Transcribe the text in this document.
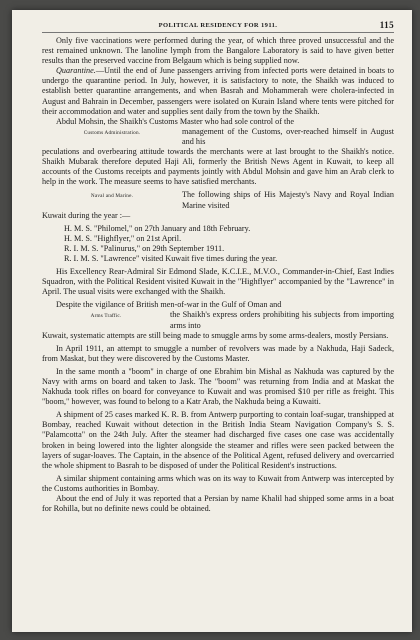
POLITICAL RESIDENCY FOR 1911.	115

Only five vaccinations were performed during the year, of which three proved unsuccessful and the rest remained unknown. The lanoline lymph from the Bangalore Laboratory is said to have given better results than the preserved vaccine from Belgaum which is being supplied now.

Quarantine.—Until the end of June passengers arriving from infected ports were detained in boats to undergo the quarantine period. In July, however, it is satisfactory to note, the Shaikh was induced to establish better quarantine arrangements, and when Basrah and Mohammerah were cholera-infected in August and Bahrain in December, passengers were isolated on Kurain Island where tents were pitched for their accommodation and water and supplies sent daily from the town by the Shaikh.

Abdul Mohsin, the Shaikh's Customs Master who had sole control of the

Customs Administration.	management of the Customs, over-reached himself in August and his

peculations and overbearing attitude towards the merchants were at last brought to the Shaikh's notice. Shaikh Mubarak therefore deputed Haji Ali, formerly the British News Agent in Kuwait, to keep all accounts of the Customs receipts and payments jointly with Abdul Mohsin and gave him an Arab clerk to help in the work. The measure seems to have satisfied merchants.

Naval and Marine.	The following ships of His Majesty's Navy and Royal Indian Marine visited

Kuwait during the year :—

H. M. S. "Philomel," on 27th January and 18th February.

H. M. S. "Highflyer," on 21st April.

R. I. M. S. "Palinurus," on 29th September 1911.

R. I. M. S. "Lawrence" visited Kuwait five times during the year.

His Excellency Rear-Admiral Sir Edmond Slade, K.C.I.E., M.V.O., Commander-in-Chief, East Indies Squadron, with the Political Resident visited Kuwait in the "Highflyer" accompanied by the "Lawrence" in April. The usual visits were exchanged with the Shaikh.

Despite the vigilance of British men-of-war in the Gulf of Oman and

Arms Traffic.	the Shaikh's express orders prohibiting his subjects from importing arms into

Kuwait, systematic attempts are still being made to smuggle arms by some arms-dealers, mostly Persians.

In April 1911, an attempt to smuggle a number of revolvers was made by a Nakhuda, Haji Sadeck, from Maskat, but they were discovered by the Customs Master.

In the same month a "boom" in charge of one Ebrahim bin Mishal as Nakhuda was captured by the Navy with arms on board and taken to Jask. The "boom" was returning from India and at Maskat the Nakhuda took rifles on board for conveyance to Kuwait and was promised $10 per rifle as freight. This "boom," however, was found to belong to a Katr Arab, the Nakhuda being a Kuwaiti.

A shipment of 25 cases marked K. R. B. from Antwerp purporting to contain loaf-sugar, transhipped at Bombay, reached Kuwait without detection in the British India Steam Navigation Company's S. S. "Palamcotta" on the 24th July. After the steamer had discharged five cases one case was accidentally broken in being lowered into the lighter alongside the steamer and rifles were seen packed between the layers of sugar-loaves. The Captain, in the absence of the Political Agent, refused delivery and overcarried the whole shipment to Basrah to be disposed of under the Political Resident's instructions.

A similar shipment containing arms which was on its way to Kuwait from Antwerp was intercepted by the Customs authorities in Bombay.

About the end of July it was reported that a Persian by name Khalil had shipped some arms in a boat for Rohilla, but no definite news could be obtained.
